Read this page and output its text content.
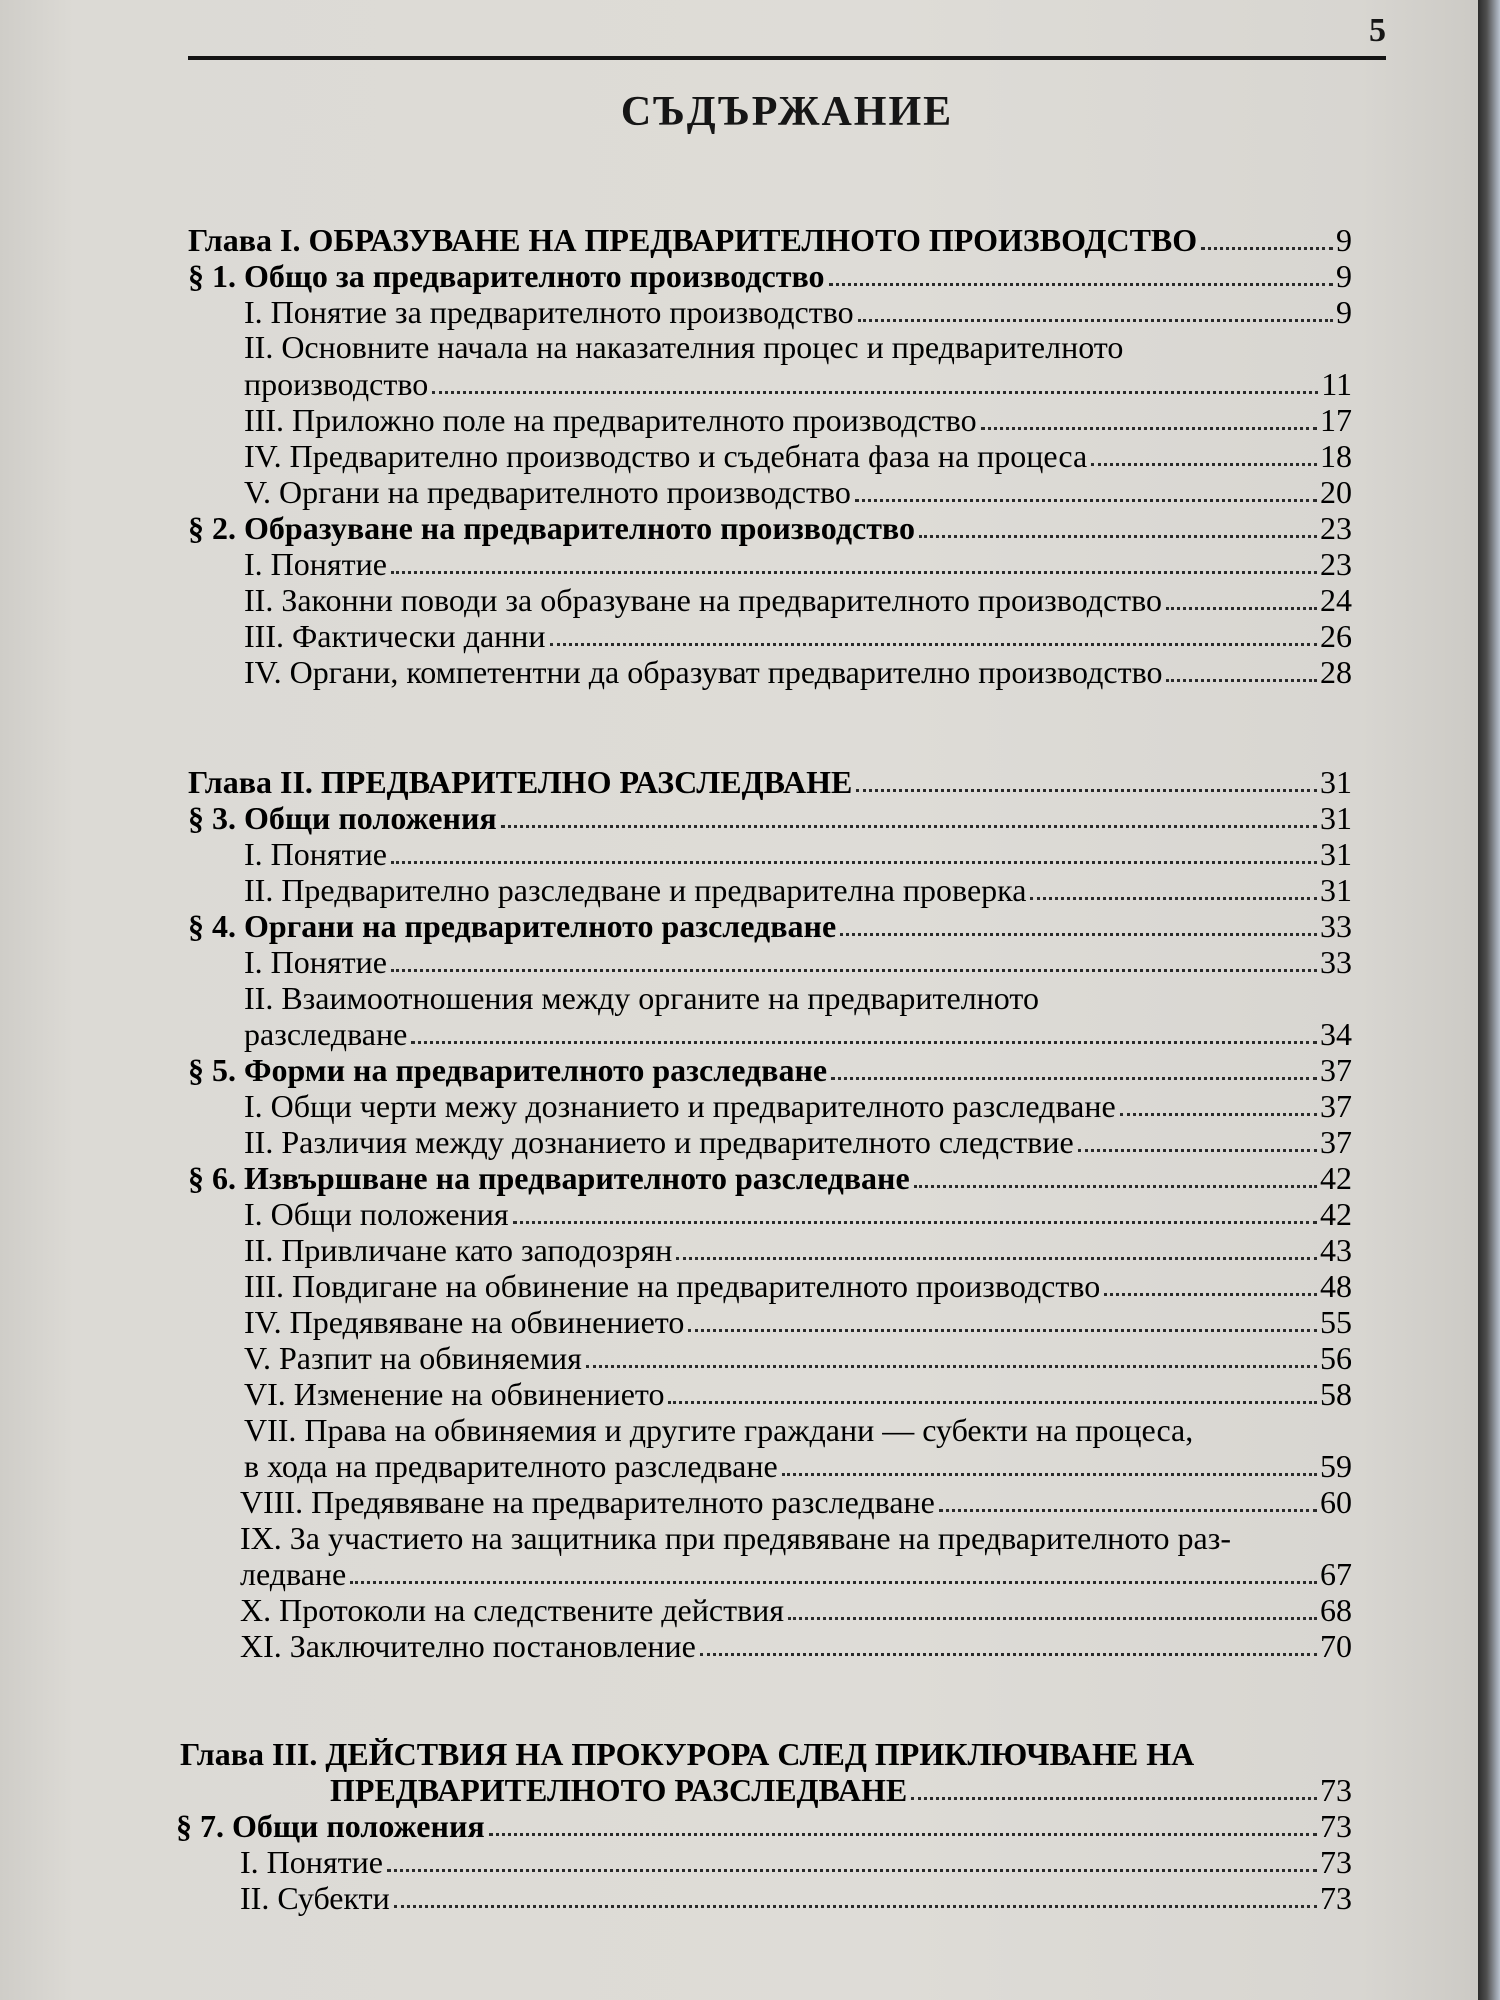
5
СЪДЪРЖАНИЕ
Глава I. ОБРАЗУВАНЕ НА ПРЕДВАРИТЕЛНОТО ПРОИЗВОДСТВО	9
§ 1. Общо за предварителното производство	9
I. Понятие за предварителното производство	9
II. Основните начала на наказателния процес и предварителното
производство	11
III. Приложно поле на предварителното производство	17
IV. Предварително производство и съдебната фаза на процеса	18
V. Органи на предварителното производство	20
§ 2. Образуване на предварителното производство	23
I. Понятие	23
II. Законни поводи за образуване на предварителното производство	24
III. Фактически данни	26
IV. Органи, компетентни да образуват предварително производство	28
Глава II. ПРЕДВАРИТЕЛНО РАЗСЛЕДВАНЕ	31
§ 3. Общи положения	31
I. Понятие	31
II. Предварително разследване и предварителна проверка	31
§ 4. Органи на предварителното разследване	33
I. Понятие	33
II. Взаимоотношения между органите на предварителното
разследване	34
§ 5. Форми на предварителното разследване	37
I. Общи черти межу дознанието и предварителното разследване	37
II. Различия между дознанието и предварителното следствие	37
§ 6. Извършване на предварителното разследване	42
I. Общи положения	42
II. Привличане като заподозрян	43
III. Повдигане на обвинение на предварителното производство	48
IV. Предявяване на обвинението	55
V. Разпит на обвиняемия	56
VI. Изменение на обвинението	58
VII. Права на обвиняемия и другите граждани — субекти на процеса,
в хода на предварителното разследване	59
VIII. Предявяване на предварителното разследване	60
IX. За участието на защитника при предявяване на предварителното раз-
ледване	67
X. Протоколи на следствените действия	68
XI. Заключително постановление	70
Глава III. ДЕЙСТВИЯ НА ПРОКУРОРА СЛЕД ПРИКЛЮЧВАНЕ НА
ПРЕДВАРИТЕЛНОТО РАЗСЛЕДВАНЕ	73
§ 7. Общи положения	73
I. Понятие	73
II. Субекти	73
